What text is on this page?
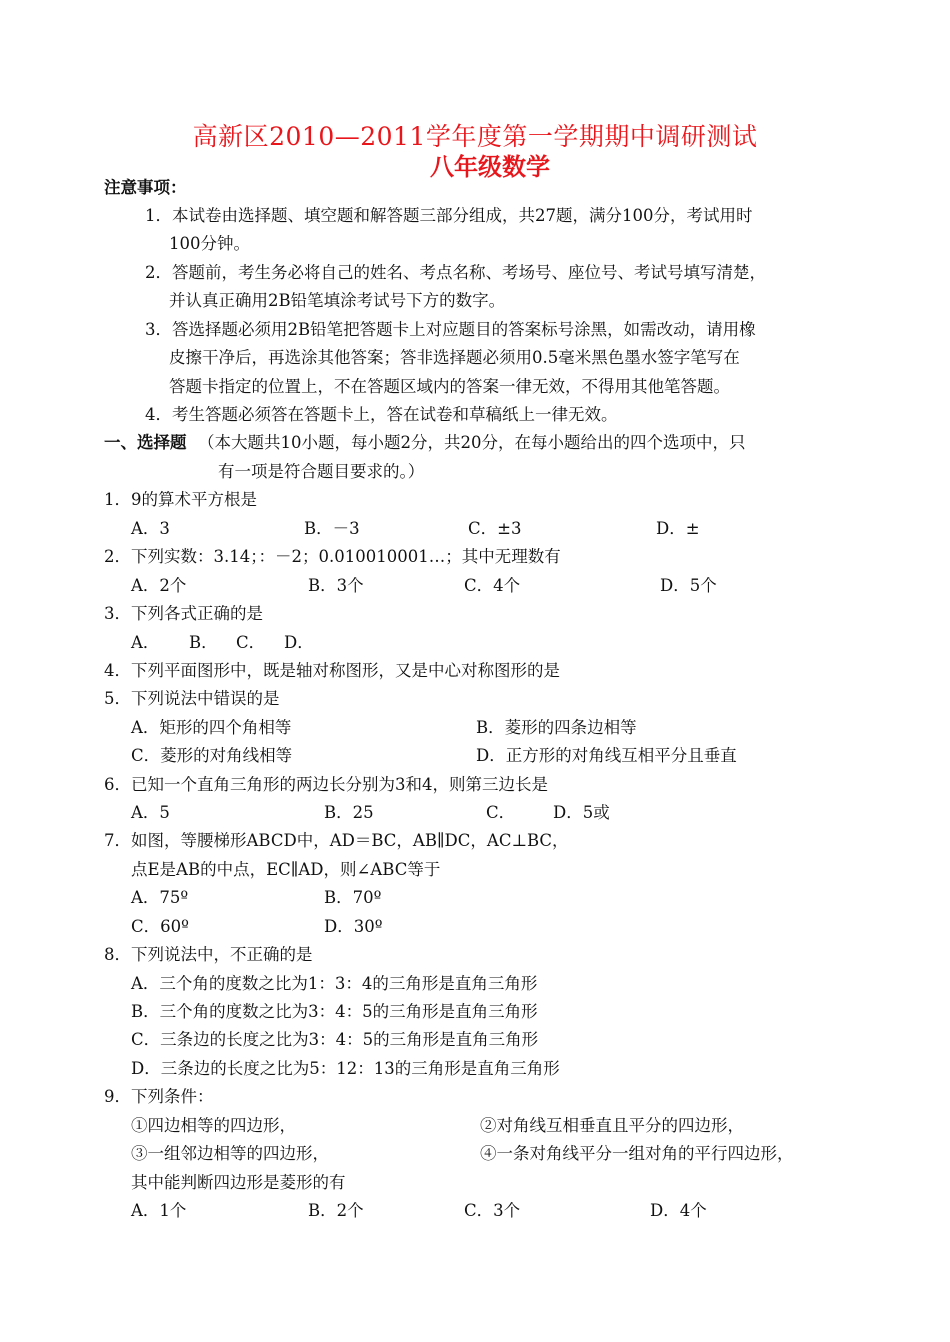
高新区2010—2011学年度第一学期期中调研测试
八年级数学
注意事项：
1．本试卷由选择题、填空题和解答题三部分组成，共27题，满分100分，考试用时
100分钟。
2．答题前，考生务必将自己的姓名、考点名称、考场号、座位号、考试号填写清楚，
并认真正确用2B铅笔填涂考试号下方的数字。
3．答选择题必须用2B铅笔把答题卡上对应题目的答案标号涂黑，如需改动，请用橡
皮擦干净后，再选涂其他答案；答非选择题必须用0.5毫米黑色墨水签字笔写在
答题卡指定的位置上，不在答题区域内的答案一律无效，不得用其他笔答题。
4．考生答题必须答在答题卡上，答在试卷和草稿纸上一律无效。
一、选择题 （本大题共10小题，每小题2分，共20分，在每小题给出的四个选项中，只
有一项是符合题目要求的。）
1．9的算术平方根是
A．3	B．－3	C．±3	D．±
2．下列实数：3.14；：－2；0.010010001…；其中无理数有
A．2个	B．3个	C．4个	D．5个
3．下列各式正确的是
A． B． C． D．
4．下列平面图形中，既是轴对称图形，又是中心对称图形的是
5．下列说法中错误的是
A．矩形的四个角相等	B．菱形的四条边相等
C．菱形的对角线相等	D．正方形的对角线互相平分且垂直
6．已知一个直角三角形的两边长分别为3和4，则第三边长是
A．5	B．25	C． D．5或
7．如图，等腰梯形ABCD中，AD＝BC，AB∥DC，AC⊥BC，
点E是AB的中点，EC∥AD，则∠ABC等于
A．75º	B．70º
C．60º	D．30º
8．下列说法中，不正确的是
A．三个角的度数之比为1：3：4的三角形是直角三角形
B．三个角的度数之比为3：4：5的三角形是直角三角形
C．三条边的长度之比为3：4：5的三角形是直角三角形
D．三条边的长度之比为5：12：13的三角形是直角三角形
9．下列条件：
①四边相等的四边形，	②对角线互相垂直且平分的四边形，
③一组邻边相等的四边形，	④一条对角线平分一组对角的平行四边形，
其中能判断四边形是菱形的有
A．1个	B．2个	C．3个	D．4个
